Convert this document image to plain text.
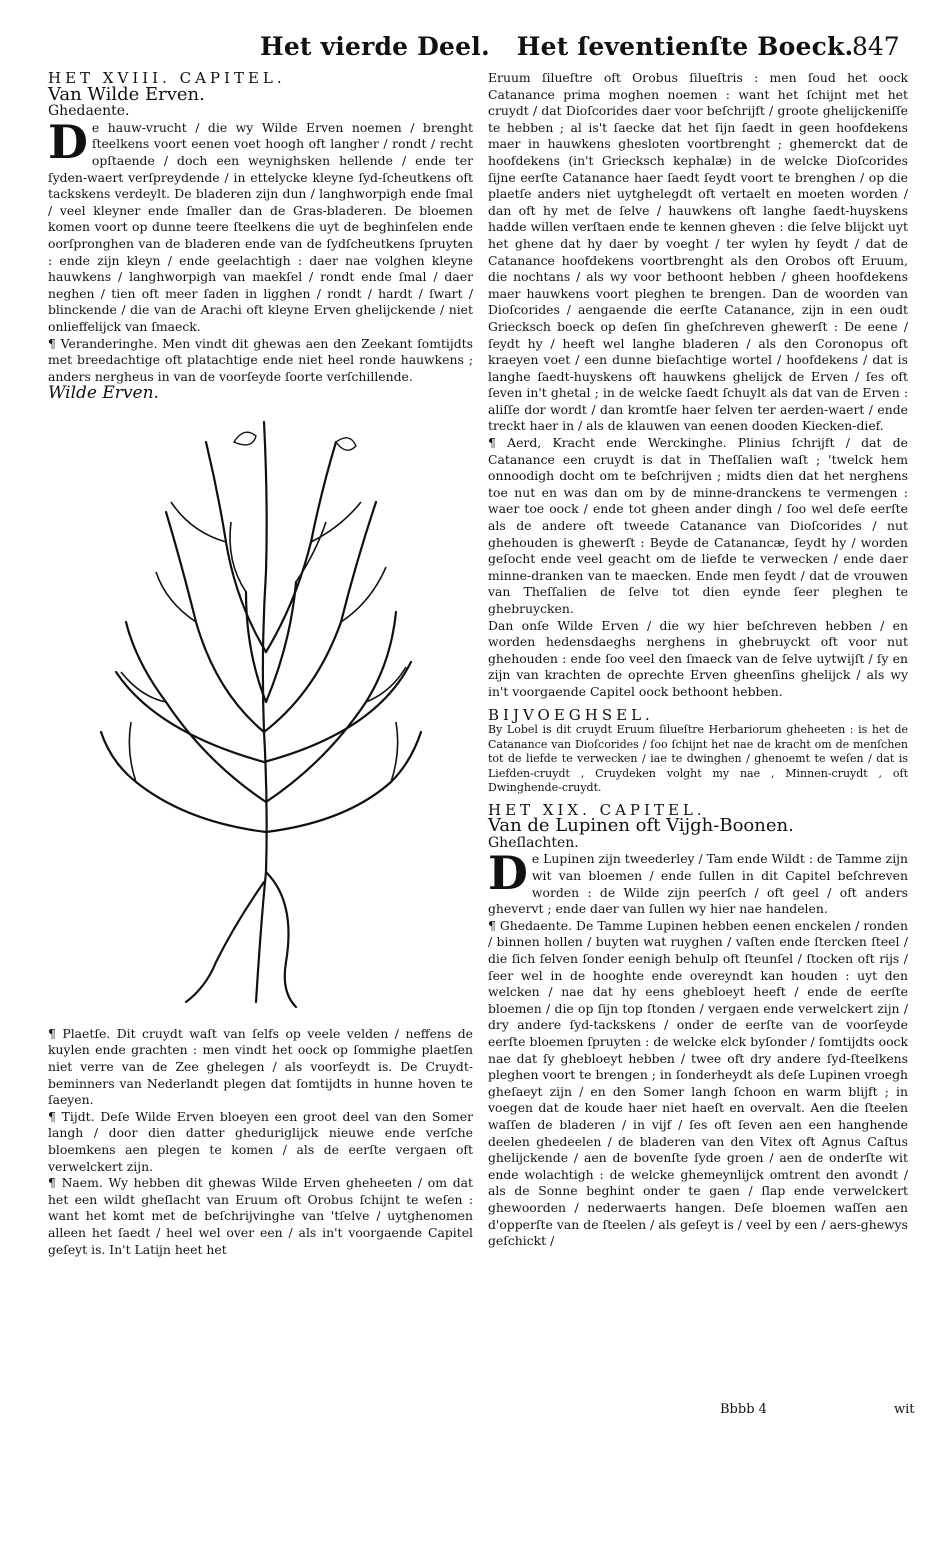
Het vierde Deel. Het ſeventienſte Boeck.
847

HET XVIII. CAPITEL.

Van Wilde Erven.

Ghedaente.

De hauw-vrucht / die wy Wilde Erven noemen / brenght ſteelkens voort eenen voet hoogh oft langher / rondt / recht opſtaende / doch een weynighsken hellende / ende ter ſyden-waert verſpreydende / in ettelycke kleyne ſyd-ſcheutkens oft tackskens verdeylt. De bladeren zijn dun / langhworpigh ende ſmal / veel kleyner ende ſmaller dan de Gras-bladeren. De bloemen komen voort op dunne teere ſteelkens die uyt de beghinſelen ende oorſpronghen van de bladeren ende van de ſydſcheutkens ſpruyten : ende zijn kleyn / ende geelachtigh : daer nae volghen kleyne hauwkens / langhworpigh van maekſel / rondt ende ſmal / daer neghen / tien oft meer ſaden in ligghen / rondt / hardt / ſwart / blinckende / die van de Arachi oft kleyne Erven ghelijckende / niet onlieffelijck van ſmaeck.

¶ Veranderinghe. Men vindt dit ghewas aen den Zeekant ſomtijdts met breedachtige oft platachtige ende niet heel ronde hauwkens ; anders nergheus in van de voorſeyde ſoorte verſchillende.

Wilde Erven.

¶ Plaetſe. Dit cruydt waſt van ſelfs op veele velden / neffens de kuylen ende grachten : men vindt het oock op ſommighe plaetſen niet verre van de Zee ghelegen / als voorſeydt is. De Cruydt-beminners van Nederlandt plegen dat ſomtijdts in hunne hoven te ſaeyen.

¶ Tijdt. Deſe Wilde Erven bloeyen een groot deel van den Somer langh / door dien datter gheduriglijck nieuwe ende verſche bloemkens aen plegen te komen / als de eerſte vergaen oft verwelckert zijn.

¶ Naem. Wy hebben dit ghewas Wilde Erven gheheeten / om dat het een wildt gheſlacht van Eruum oft Orobus ſchijnt te weſen : want het komt met de beſchrijvinghe van 'tſelve / uytghenomen alleen het ſaedt / heel wel over een / als in't voorgaende Capitel geſeyt is. In't Latijn heet het

Eruum ſilueſtre oft Orobus ſilueſtris : men ſoud het oock Catanance prima moghen noemen : want het ſchijnt met het cruydt / dat Dioſcorides daer voor beſchrijft / groote ghelijckeniſſe te hebben ; al is't ſaecke dat het ſijn ſaedt in geen hoofdekens maer in hauwkens ghesloten voortbrenght ; ghemerckt dat de hoofdekens (in't Griecksch kephalæ) in de welcke Dioſcorides ſijne eerſte Catanance haer ſaedt ſeydt voort te brenghen / op die plaetſe anders niet uytghelegdt oft vertaelt en moeten worden / dan oft hy met de ſelve / hauwkens oft langhe ſaedt-huyskens hadde willen verſtaen ende te kennen gheven : die ſelve blijckt uyt het ghene dat hy daer by voeght / ter wylen hy ſeydt / dat de Catanance hoofdekens voortbrenght als den Orobos oft Eruum, die nochtans / als wy voor bethoont hebben / gheen hoofdekens maer hauwkens voort pleghen te brengen. Dan de woorden van Dioſcorides / aengaende die eerſte Catanance, zijn in een oudt Griecksch boeck op deſen ſin gheſchreven ghewerſt : De eene / ſeydt hy / heeft wel langhe bladeren / als den Coronopus oft kraeyen voet / een dunne bieſachtige wortel / hoofdekens / dat is langhe ſaedt-huyskens oft hauwkens ghelijck de Erven / ſes oft ſeven in't ghetal ; in de welcke ſaedt ſchuylt als dat van de Erven : aliſſe dor wordt / dan kromtſe haer ſelven ter aerden-waert / ende treckt haer in / als de klauwen van eenen dooden Kiecken-dief.

¶ Aerd, Kracht ende Werckinghe. Plinius ſchrijft / dat de Catanance een cruydt is dat in Theſſalien waſt ; 'twelck hem onnoodigh docht om te beſchrijven ; midts dien dat het nerghens toe nut en was dan om by de minne-dranckens te vermengen : waer toe oock / ende tot gheen ander dingh / ſoo wel deſe eerſte als de andere oft tweede Catanance van Dioſcorides / nut ghehouden is ghewerſt : Beyde de Catanancæ, ſeydt hy / worden geſocht ende veel geacht om de liefde te verwecken / ende daer minne-dranken van te maecken. Ende men ſeydt / dat de vrouwen van Theſſalien de ſelve tot dien eynde ſeer pleghen te ghebruycken.

Dan onſe Wilde Erven / die wy hier beſchreven hebben / en worden hedensdaeghs nerghens in ghebruyckt oft voor nut ghehouden : ende ſoo veel den ſmaeck van de ſelve uytwijſt / ſy en zijn van krachten de oprechte Erven gheenſins ghelijck / als wy in't voorgaende Capitel oock bethoont hebben.

BIJVOEGHSEL.

By Lobel is dit cruydt Eruum ſilueſtre Herbariorum gheheeten : is het de Catanance van Dioſcorides / ſoo ſchijnt het nae de kracht om de menſchen tot de liefde te verwecken / iae te dwinghen / ghenoemt te weſen / dat is Liefden-cruydt , Cruydeken volght my nae , Minnen-cruydt , oft Dwinghende-cruydt.

HET XIX. CAPITEL.

Van de Lupinen oft Vijgh-Boonen.

Gheſlachten.

De Lupinen zijn tweederley / Tam ende Wildt : de Tamme zijn wit van bloemen / ende ſullen in dit Capitel beſchreven worden : de Wilde zijn peerſch / oft geel / oft anders ghevervt ; ende daer van ſullen wy hier nae handelen.

¶ Ghedaente. De Tamme Lupinen hebben eenen enckelen / ronden / binnen hollen / buyten wat ruyghen / vaſten ende ſtercken ſteel / die ſich ſelven ſonder eenigh behulp oft ſteunſel / ſtocken oft rijs / ſeer wel in de hooghte ende overeyndt kan houden : uyt den welcken / nae dat hy eens ghebloeyt heeft / ende de eerſte bloemen / die op ſijn top ſtonden / vergaen ende verwelckert zijn / dry andere ſyd-tackskens / onder de eerſte van de voorſeyde eerſte bloemen ſpruyten : de welcke elck byſonder / ſomtijdts oock nae dat ſy ghebloeyt hebben / twee oft dry andere ſyd-ſteelkens pleghen voort te brengen ; in ſonderheydt als deſe Lupinen vroegh gheſaeyt zijn / en den Somer langh ſchoon en warm blijft ; in voegen dat de koude haer niet haeſt en overvalt. Aen die ſteelen waſſen de bladeren / in vijf / ſes oft ſeven aen een hanghende deelen ghedeelen / de bladeren van den Vitex oft Agnus Caſtus ghelijckende / aen de bovenſte ſyde groen / aen de onderſte wit ende wolachtigh : de welcke ghemeynlijck omtrent den avondt / als de Sonne beghint onder te gaen / ſlap ende verwelckert ghewoorden / nederwaerts hangen. Deſe bloemen waſſen aen d'opperſte van de ſteelen / als geſeyt is / veel by een / aers-ghewys geſchickt /

Bbbb 4	wit
